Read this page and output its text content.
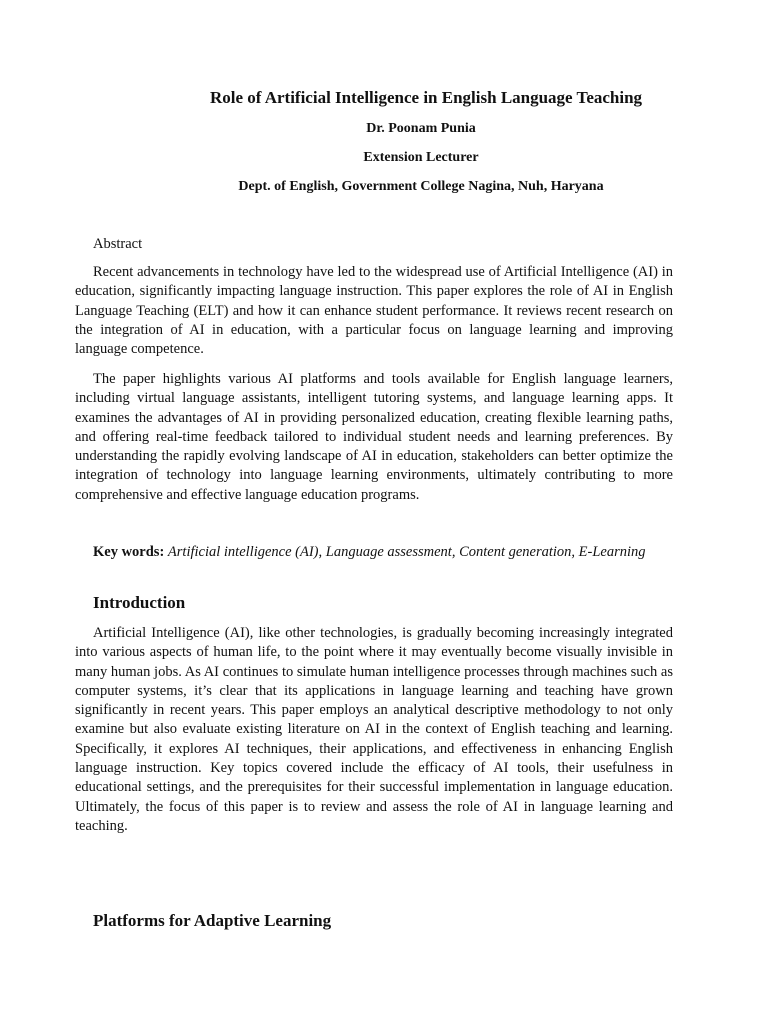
Role of Artificial Intelligence in English Language Teaching

Dr. Poonam Punia

Extension Lecturer

Dept. of English, Government College Nagina, Nuh, Haryana

Abstract

Recent advancements in technology have led to the widespread use of Artificial Intelligence (AI) in education, significantly impacting language instruction. This paper explores the role of AI in English Language Teaching (ELT) and how it can enhance student performance. It reviews recent research on the integration of AI in education, with a particular focus on language learning and improving language competence.

The paper highlights various AI platforms and tools available for English language learners, including virtual language assistants, intelligent tutoring systems, and language learning apps. It examines the advantages of AI in providing personalized education, creating flexible learning paths, and offering real-time feedback tailored to individual student needs and learning preferences. By understanding the rapidly evolving landscape of AI in education, stakeholders can better optimize the integration of technology into language learning environments, ultimately contributing to more comprehensive and effective language education programs.

Key words: Artificial intelligence (AI), Language assessment, Content generation, E-Learning

Introduction

Artificial Intelligence (AI), like other technologies, is gradually becoming increasingly integrated into various aspects of human life, to the point where it may eventually become visually invisible in many human jobs. As AI continues to simulate human intelligence processes through machines such as computer systems, it’s clear that its applications in language learning and teaching have grown significantly in recent years. This paper employs an analytical descriptive methodology to not only examine but also evaluate existing literature on AI in the context of English teaching and learning. Specifically, it explores AI techniques, their applications, and effectiveness in enhancing English language instruction. Key topics covered include the efficacy of AI tools, their usefulness in educational settings, and the prerequisites for their successful implementation in language education. Ultimately, the focus of this paper is to review and assess the role of AI in language learning and teaching.

Platforms for Adaptive Learning
